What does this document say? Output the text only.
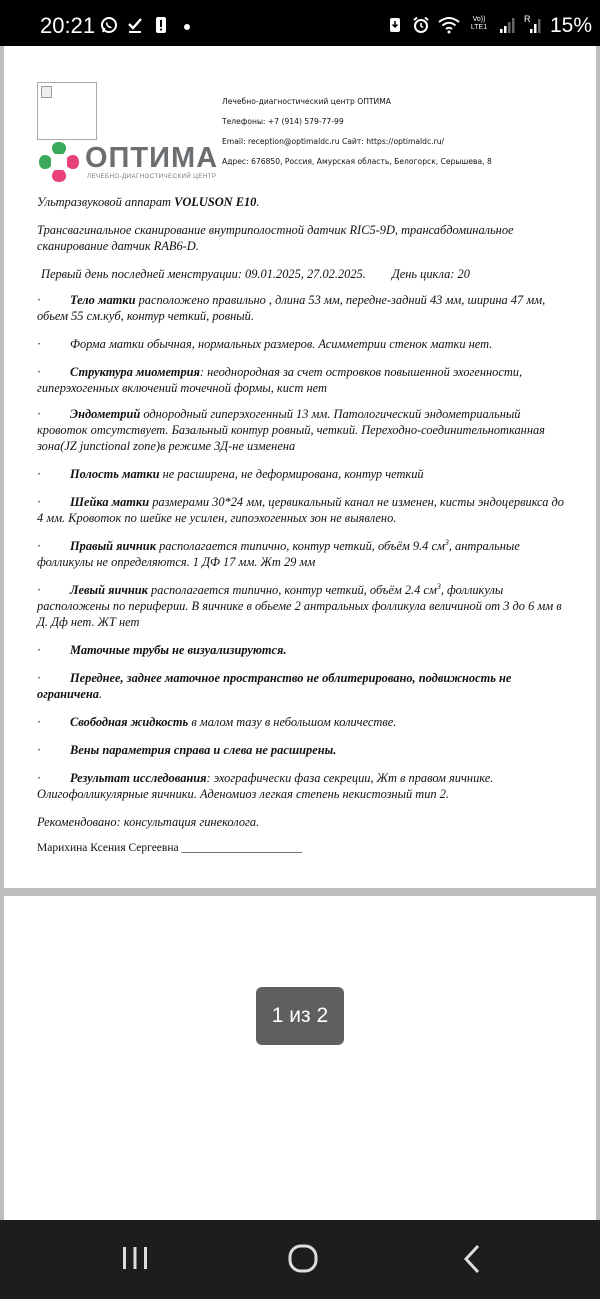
20:21	Vo))
LTE1
R 15%
ОПТИМА
ЛЕЧЕБНО-ДИАГНОСТИЧЕСКИЙ ЦЕНТР
Лечебно-диагностический центр ОПТИМА
Телефоны: +7 (914) 579-77-99
Email: reception@optimaldc.ru Сайт: https://optimaldc.ru/
Адрес: 676850, Россия, Амурская область, Белогорск, Серышева, 8

Ультразвуковой аппарат VOLUSON E10.

Трансвагинальное сканирование внутриполостной датчик RIC5-9D, трансабдоминальное сканирование датчик RAB6-D.

Первый день последней менструации: 09.01.2025, 27.02.2025. День цикла: 20

· Тело матки расположено правильно , длина 53 мм, передне-задний 43 мм, ширина 47 мм, обьем 55 см.куб, контур четкий, ровный.

· Форма матки обычная, нормальных размеров. Асимметрии стенок матки нет.

· Структура миометрия: неоднородная за счет островков повышенной эхогенности, гиперэхогенных включений точечной формы, кист нет

· Эндометрий однородный гиперэхогенный 13 мм. Патологический эндометриальный кровоток отсутствует. Базальный контур ровный, четкий. Переходно-соединительнотканная зона(JZ junctional zone)в режиме 3Д-не изменена

· Полость матки не расширена, не деформирована, контур четкий

· Шейка матки размерами 30*24 мм, цервикальный канал не изменен, кисты эндоцервикса до 4 мм. Кровоток по шейке не усилен, гипоэхогенных зон не выявлено.

· Правый яичник располагается типично, контур четкий, объём 9.4 $см^3$, антральные фолликулы не определяются. 1 ДФ 17 мм. Жт 29 мм

· Левый яичник располагается типично, контур четкий, объём 2.4 $см^3$, фолликулы расположены по периферии. В яичнике в обьеме 2 антральных фолликула величиной от 3 до 6 мм в Д. Дф нет. ЖТ нет

· Маточные трубы не визуализируются.

· Переднее, заднее маточное пространство не облитерировано, подвижность не ограничена.

· Свободная жидкость в малом тазу в небольшом количестве.

· Вены параметрия справа и слева не расширены.

· Результат исследования: эхографически фаза секреции, Жт в правом яичнике. Олигофолликулярные яичники. Аденомиоз легкая степень некистозный тип 2.

Рекомендовано: консультация гинеколога.

Марихина Ксения Сергеевна _____________________

1 из 2
